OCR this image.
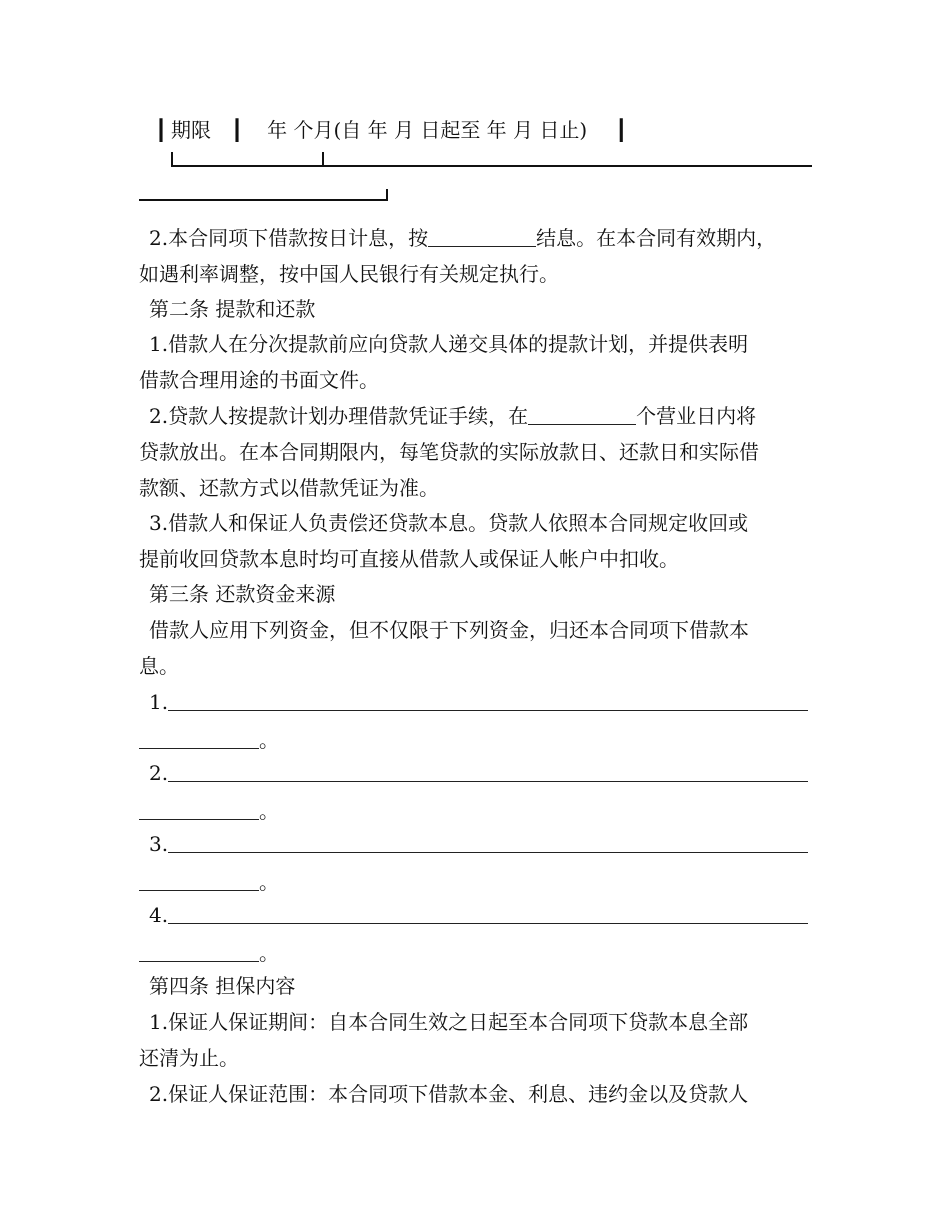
┃ 期限 ┃ 年 个月(自 年 月 日起至 年 月 日止) ┃
2.本合同项下借款按日计息，按	结息。在本合同有效期内，
如遇利率调整，按中国人民银行有关规定执行。
第二条 提款和还款
1.借款人在分次提款前应向贷款人递交具体的提款计划，并提供表明
借款合理用途的书面文件。
2.贷款人按提款计划办理借款凭证手续，在	个营业日内将
贷款放出。在本合同期限内，每笔贷款的实际放款日、还款日和实际借
款额、还款方式以借款凭证为准。
3.借款人和保证人负责偿还贷款本息。贷款人依照本合同规定收回或
提前收回贷款本息时均可直接从借款人或保证人帐户中扣收。
第三条 还款资金来源
借款人应用下列资金，但不仅限于下列资金，归还本合同项下借款本
息。
1.
。
2.
。
3.
。
4.
。
第四条 担保内容
1.保证人保证期间：自本合同生效之日起至本合同项下贷款本息全部
还清为止。
2.保证人保证范围：本合同项下借款本金、利息、违约金以及贷款人
